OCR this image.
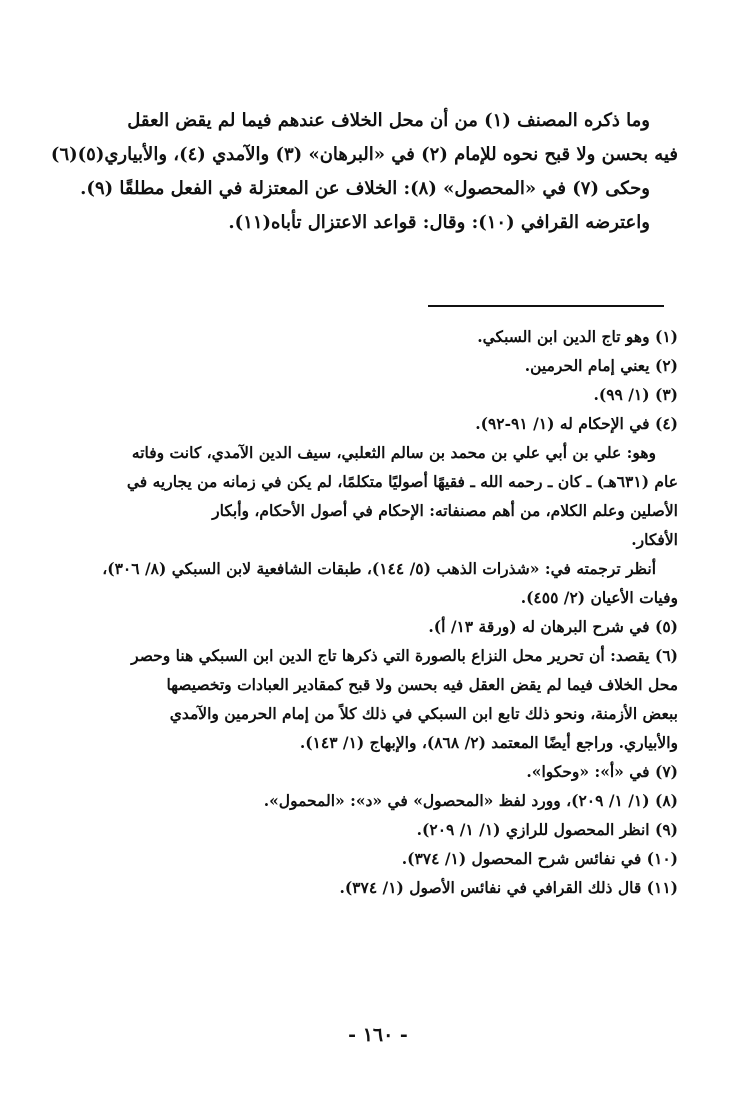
وما ذكره المصنف (١) من أن محل الخلاف عندهم فيما لم يقض العقل

فيه بحسن ولا قبح نحوه للإمام (٢) في «البرهان» (٣) والآمدي (٤)، والأبياري(٥)(٦)

وحكى (٧) في «المحصول» (٨): الخلاف عن المعتزلة في الفعل مطلقًا (٩).

واعترضه القرافي (١٠): وقال: قواعد الاعتزال تأباه(١١).

(١) وهو تاج الدين ابن السبكي.

(٢) يعني إمام الحرمين.

(٣) (١/ ٩٩).

(٤) في الإحكام له (١/ ٩١-٩٢).

وهو: علي بن أبي علي بن محمد بن سالم الثعلبي، سيف الدين الآمدي، كانت وفاته

عام (٦٣١هـ) ـ كان ـ رحمه الله ـ فقيهًا أصوليًا متكلمًا، لم يكن في زمانه من يجاريه في

الأصلين وعلم الكلام، من أهم مصنفاته: الإحكام في أصول الأحكام، وأبكار

الأفكار.

أنظر ترجمته في: «شذرات الذهب (٥/ ١٤٤)، طبقات الشافعية لابن السبكي (٨/ ٣٠٦)،

وفيات الأعيان (٢/ ٤٥٥).

(٥) في شرح البرهان له (ورقة ١٣/ أ).

(٦) يقصد: أن تحرير محل النزاع بالصورة التي ذكرها تاج الدين ابن السبكي هنا وحصر

محل الخلاف فيما لم يقض العقل فيه بحسن ولا قبح كمقادير العبادات وتخصيصها

ببعض الأزمنة، ونحو ذلك تابع ابن السبكي في ذلك كلاً من إمام الحرمين والآمدي

والأبياري. وراجع أيضًا المعتمد (٢/ ٨٦٨)، والإبهاج (١/ ١٤٣).

(٧) في «أ»: «وحكوا».

(٨) (١/ ١/ ٢٠٩)، وورد لفظ «المحصول» في «د»: «المحمول».

(٩) انظر المحصول للرازي (١/ ١/ ٢٠٩).

(١٠) في نفائس شرح المحصول (١/ ٣٧٤).

(١١) قال ذلك القرافي في نفائس الأصول (١/ ٣٧٤).

- ١٦٠ -
